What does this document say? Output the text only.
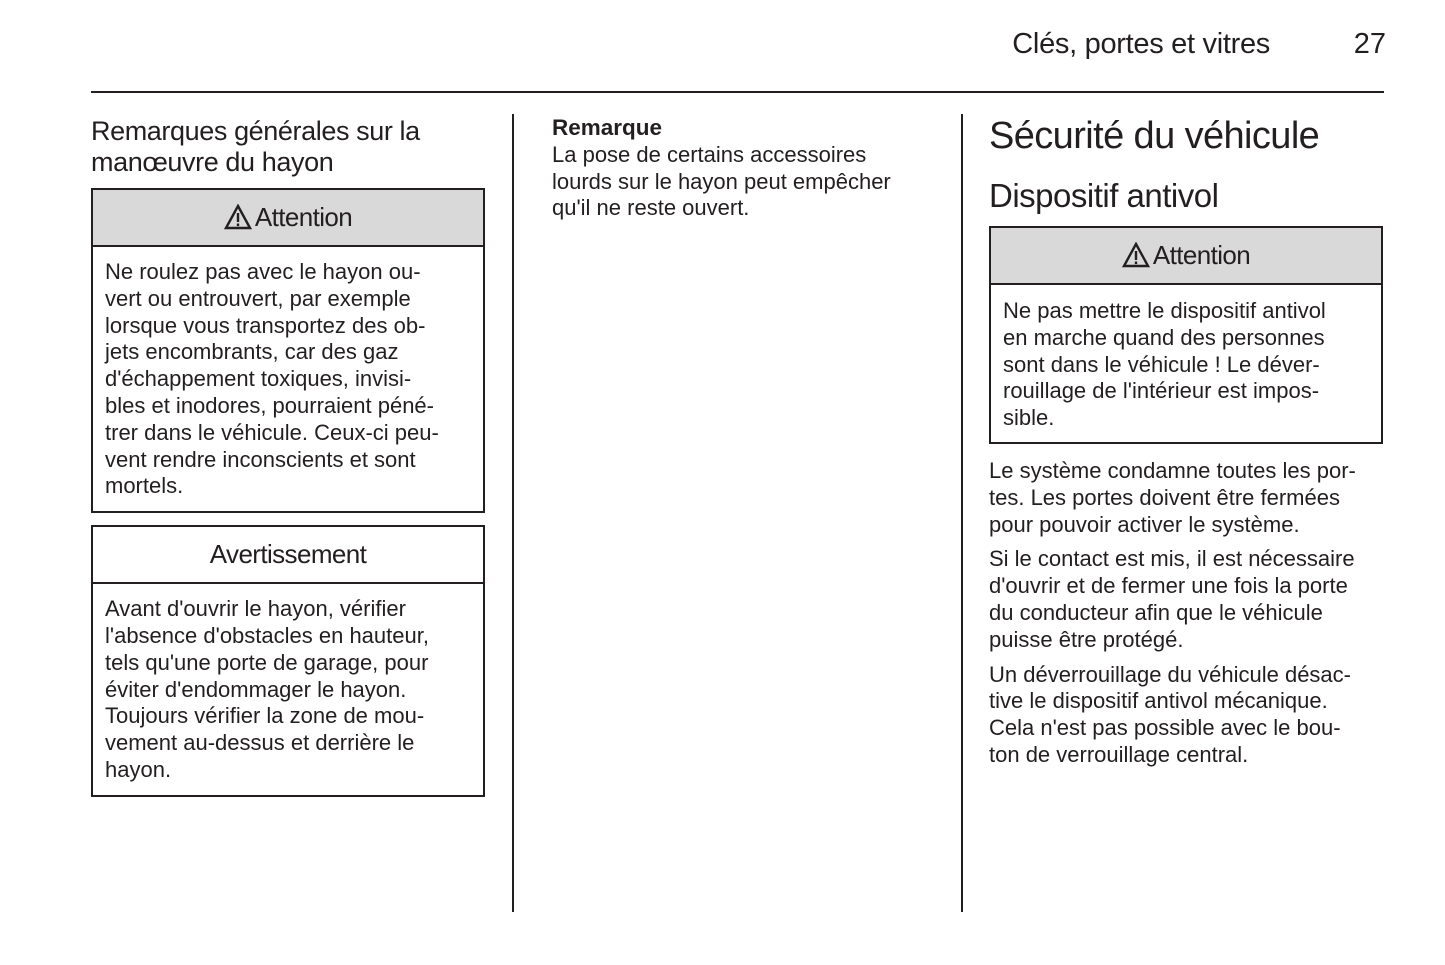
Clés, portes et vitres	27
Remarques générales sur la
manœuvre du hayon
Attention
Ne roulez pas avec le hayon ou-
vert ou entrouvert, par exemple
lorsque vous transportez des ob-
jets encombrants, car des gaz
d'échappement toxiques, invisi-
bles et inodores, pourraient péné-
trer dans le véhicule. Ceux-ci peu-
vent rendre inconscients et sont
mortels.
Avertissement
Avant d'ouvrir le hayon, vérifier
l'absence d'obstacles en hauteur,
tels qu'une porte de garage, pour
éviter d'endommager le hayon.
Toujours vérifier la zone de mou-
vement au-dessus et derrière le
hayon.
Remarque
La pose de certains accessoires
lourds sur le hayon peut empêcher
qu'il ne reste ouvert.
Sécurité du véhicule
Dispositif antivol
Attention
Ne pas mettre le dispositif antivol
en marche quand des personnes
sont dans le véhicule ! Le déver-
rouillage de l'intérieur est impos-
sible.

Le système condamne toutes les por-
tes. Les portes doivent être fermées
pour pouvoir activer le système.

Si le contact est mis, il est nécessaire
d'ouvrir et de fermer une fois la porte
du conducteur afin que le véhicule
puisse être protégé.

Un déverrouillage du véhicule désac-
tive le dispositif antivol mécanique.
Cela n'est pas possible avec le bou-
ton de verrouillage central.
